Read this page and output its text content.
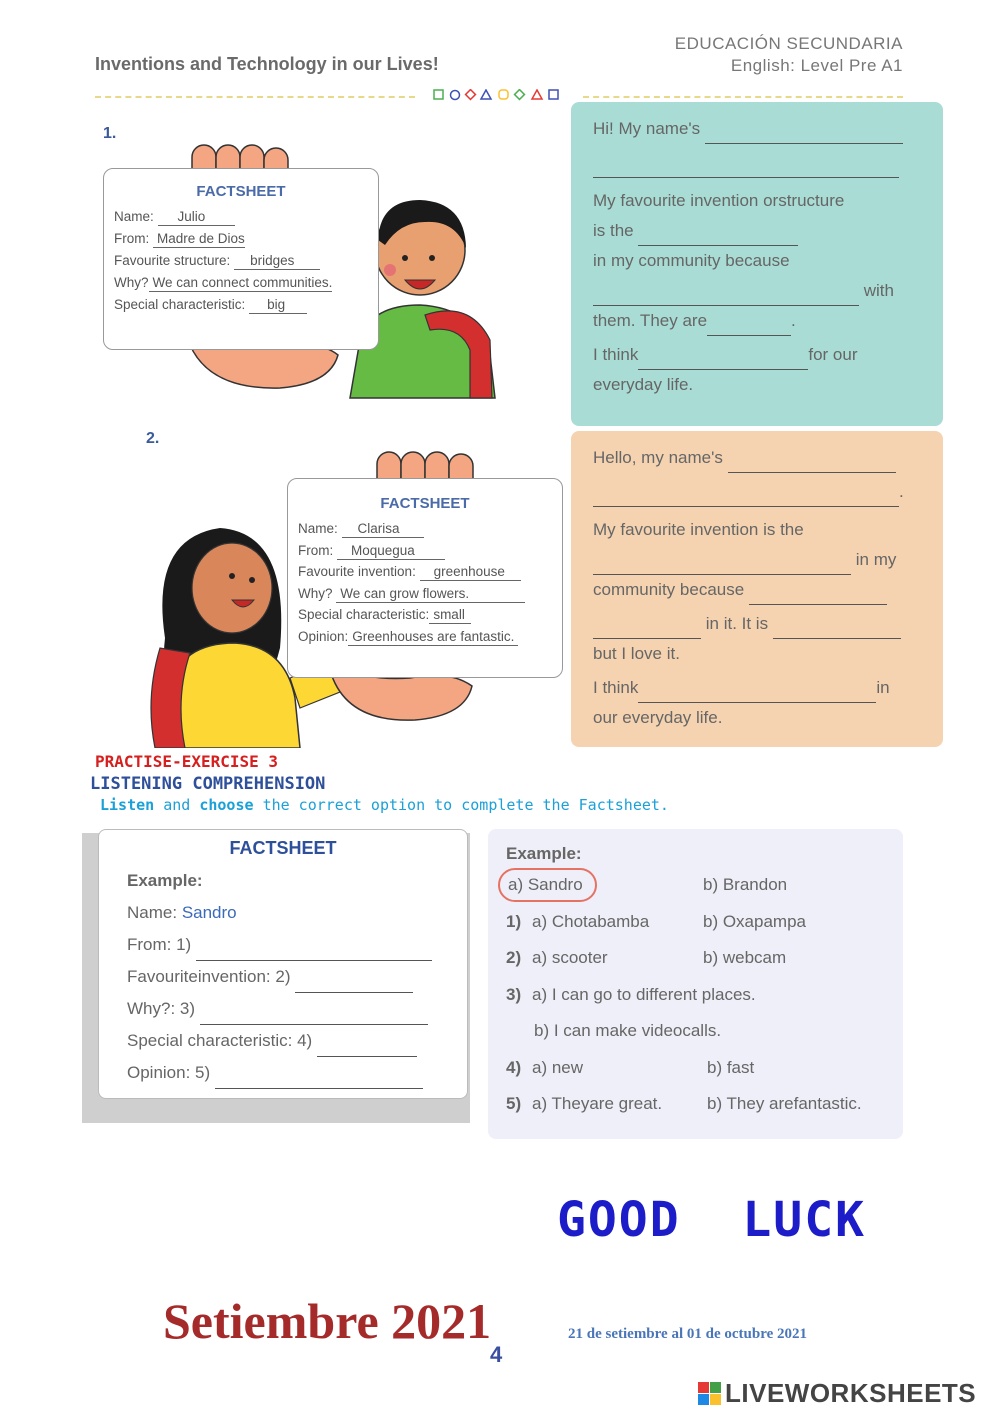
Inventions and Technology in our Lives!
EDUCACIÓN SECUNDARIA
English: Level Pre A1
1.
FACTSHEET
Name: Julio
From: Madre de Dios
Favourite structure: bridges
Why? We can connect communities.
Special characteristic: big
Hi! My name's
My favourite invention orstructure
is the
in my community because
with
them. They are	.
I think	for our
everyday life.
2.
FACTSHEET
Name: Clarisa
From: Moquegua
Favourite invention: greenhouse
Why? We can grow flowers.
Special characteristic: small
Opinion: Greenhouses are fantastic.
Hello, my name's
.
My favourite invention is the
in my
community because
in it. It is
but I love it.
I think	in
our everyday life.
PRACTISE-EXERCISE 3
LISTENING COMPREHENSION
Listen and choose the correct option to complete the Factsheet.
FACTSHEET
Example:
Name: Sandro
From: 1)
Favouriteinvention: 2)
Why?: 3)
Special characteristic: 4)
Opinion: 5)
Example:
a) Sandro	b) Brandon
1) a) Chotabamba	b) Oxapampa
2) a) scooter	b) webcam
3) a) I can go to different places.
b) I can make videocalls.
4) a) new	b) fast
5) a) Theyare great.	b) They arefantastic.
GOOD  LUCK
Setiembre 2021	21 de setiembre al 01 de octubre 2021
4
LIVEWORKSHEETS
